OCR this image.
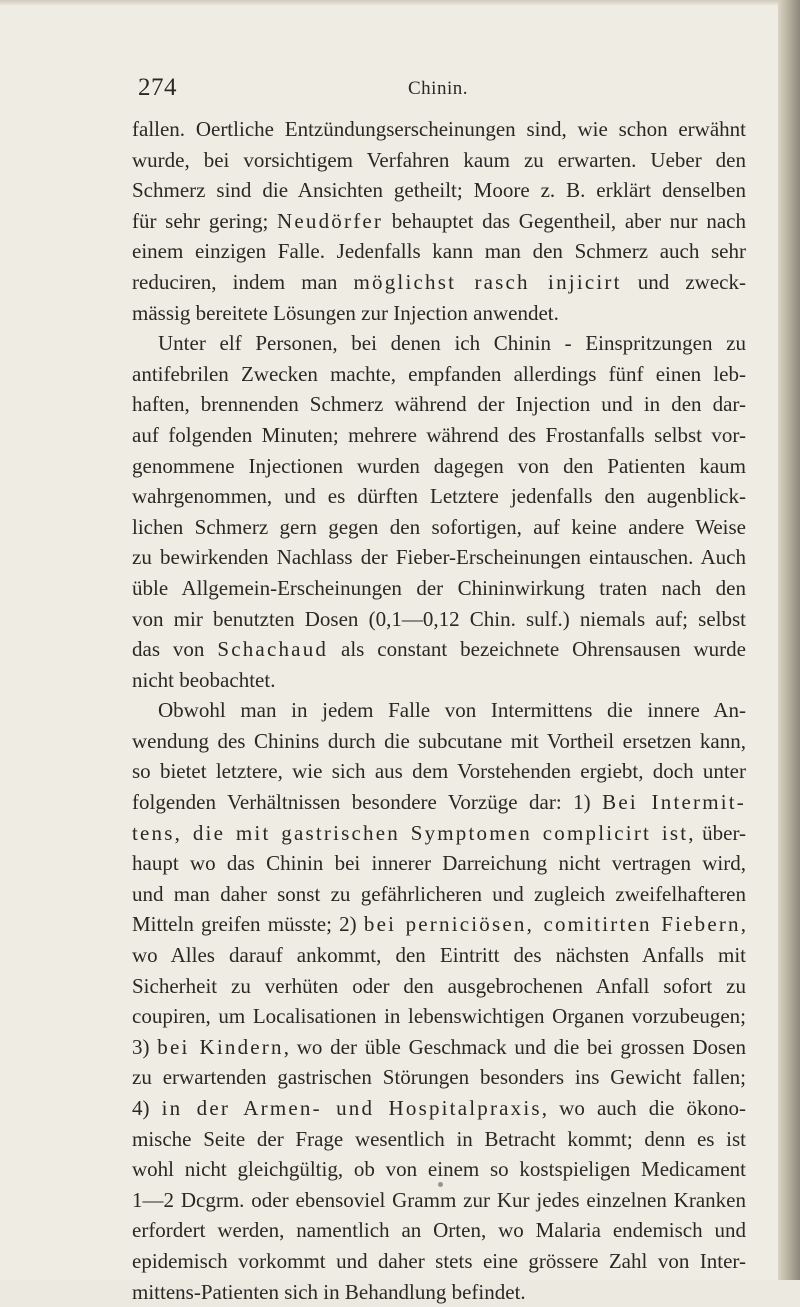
274	Chinin.
fallen. Oertliche Entzündungserscheinungen sind, wie schon erwähnt
wurde, bei vorsichtigem Verfahren kaum zu erwarten. Ueber den
Schmerz sind die Ansichten getheilt; Moore z. B. erklärt denselben
für sehr gering; Neudörfer behauptet das Gegentheil, aber nur nach
einem einzigen Falle. Jedenfalls kann man den Schmerz auch sehr
reduciren, indem man möglichst rasch injicirt und zweck-
mässig bereitete Lösungen zur Injection anwendet.
Unter elf Personen, bei denen ich Chinin - Einspritzungen zu
antifebrilen Zwecken machte, empfanden allerdings fünf einen leb-
haften, brennenden Schmerz während der Injection und in den dar-
auf folgenden Minuten; mehrere während des Frostanfalls selbst vor-
genommene Injectionen wurden dagegen von den Patienten kaum
wahrgenommen, und es dürften Letztere jedenfalls den augenblick-
lichen Schmerz gern gegen den sofortigen, auf keine andere Weise
zu bewirkenden Nachlass der Fieber-Erscheinungen eintauschen. Auch
üble Allgemein-Erscheinungen der Chininwirkung traten nach den
von mir benutzten Dosen (0,1—0,12 Chin. sulf.) niemals auf; selbst
das von Schachaud als constant bezeichnete Ohrensausen wurde
nicht beobachtet.
Obwohl man in jedem Falle von Intermittens die innere An-
wendung des Chinins durch die subcutane mit Vortheil ersetzen kann,
so bietet letztere, wie sich aus dem Vorstehenden ergiebt, doch unter
folgenden Verhältnissen besondere Vorzüge dar: 1) Bei Intermit-
tens, die mit gastrischen Symptomen complicirt ist, über-
haupt wo das Chinin bei innerer Darreichung nicht vertragen wird,
und man daher sonst zu gefährlicheren und zugleich zweifelhafteren
Mitteln greifen müsste; 2) bei perniciösen, comitirten Fiebern,
wo Alles darauf ankommt, den Eintritt des nächsten Anfalls mit
Sicherheit zu verhüten oder den ausgebrochenen Anfall sofort zu
coupiren, um Localisationen in lebenswichtigen Organen vorzubeugen;
3) bei Kindern, wo der üble Geschmack und die bei grossen Dosen
zu erwartenden gastrischen Störungen besonders ins Gewicht fallen;
4) in der Armen- und Hospitalpraxis, wo auch die ökono-
mische Seite der Frage wesentlich in Betracht kommt; denn es ist
wohl nicht gleichgültig, ob von einem so kostspieligen Medicament
1—2 Dcgrm. oder ebensoviel Gramm zur Kur jedes einzelnen Kranken
erfordert werden, namentlich an Orten, wo Malaria endemisch und
epidemisch vorkommt und daher stets eine grössere Zahl von Inter-
mittens-Patienten sich in Behandlung befindet.
